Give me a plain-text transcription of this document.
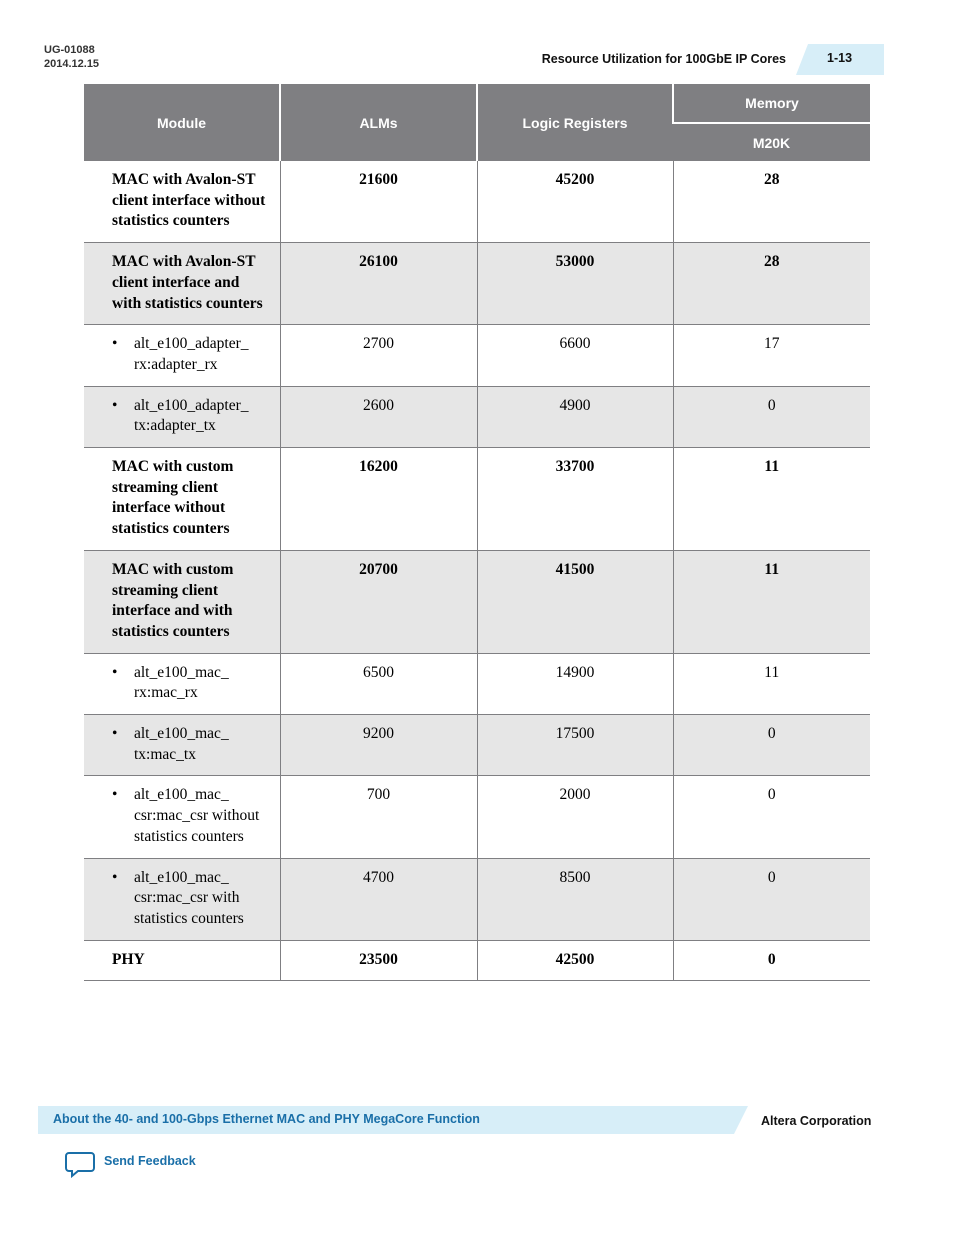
UG-01088
2014.12.15	Resource Utilization for 100GbE IP Cores	1-13
Module	ALMs	Logic Registers	Memory
			M20K
MAC with Avalon-ST client interface without statistics counters	21600	45200	28
MAC with Avalon-ST client interface and with statistics counters	26100	53000	28

• alt_e100_adapter_ rx:adapter_rx	2700	6600	17

• alt_e100_adapter_ tx:adapter_tx	2600	4900	0
MAC with custom streaming client interface without statistics counters	16200	33700	11
MAC with custom streaming client interface and with statistics counters	20700	41500	11

• alt_e100_mac_ rx:mac_rx	6500	14900	11

• alt_e100_mac_ tx:mac_tx	9200	17500	0

• alt_e100_mac_ csr:mac_csr without statistics counters	700	2000	0

• alt_e100_mac_ csr:mac_csr with statistics counters	4700	8500	0
PHY	23500	42500	0
About the 40- and 100-Gbps Ethernet MAC and PHY MegaCore Function	Altera Corporation
Send Feedback
